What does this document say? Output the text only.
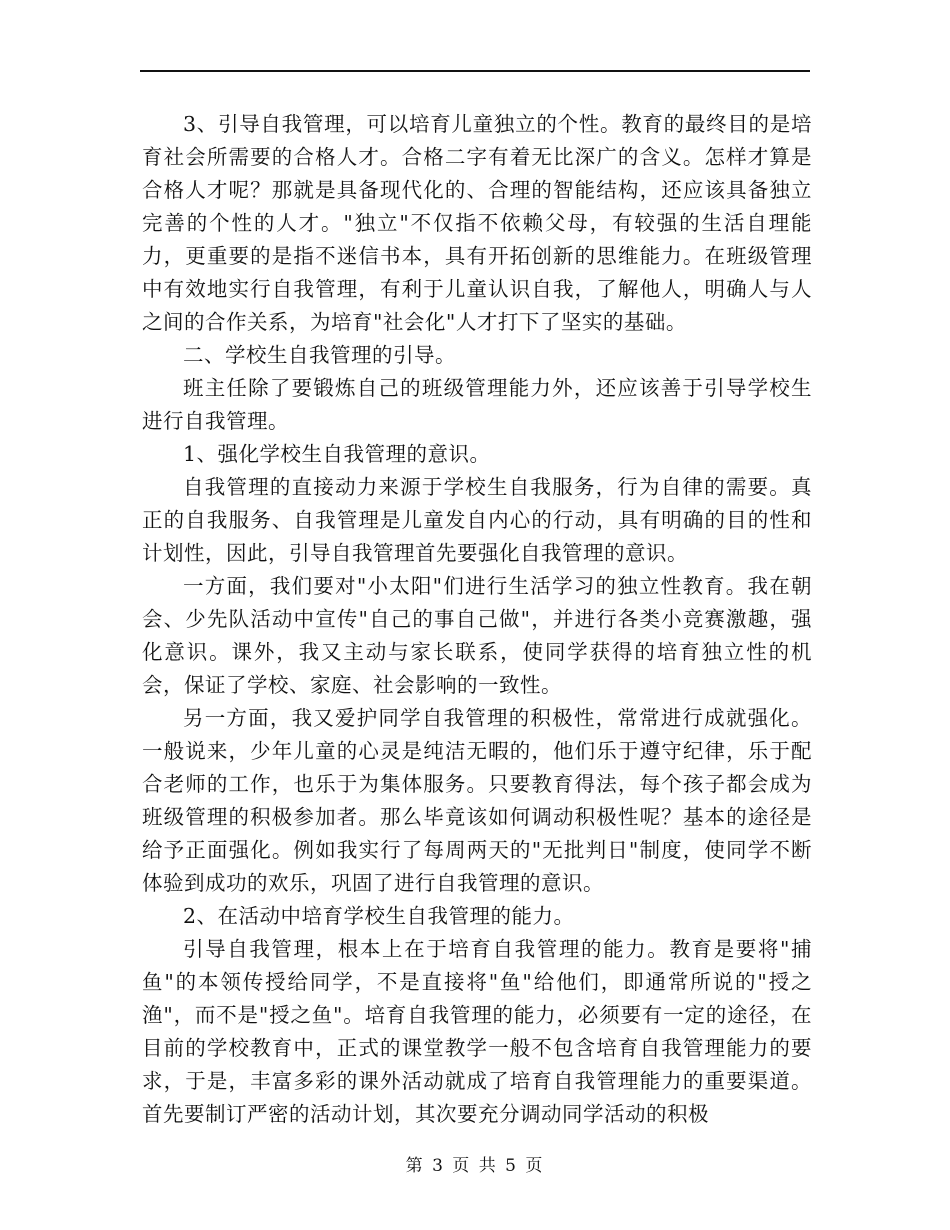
3、引导自我管理，可以培育儿童独立的个性。教育的最终目的是培育社会所需要的合格人才。合格二字有着无比深广的含义。怎样才算是合格人才呢？那就是具备现代化的、合理的智能结构，还应该具备独立完善的个性的人才。"独立"不仅指不依赖父母，有较强的生活自理能力，更重要的是指不迷信书本，具有开拓创新的思维能力。在班级管理中有效地实行自我管理，有利于儿童认识自我，了解他人，明确人与人之间的合作关系，为培育"社会化"人才打下了坚实的基础。

二、学校生自我管理的引导。

班主任除了要锻炼自己的班级管理能力外，还应该善于引导学校生进行自我管理。

1、强化学校生自我管理的意识。

自我管理的直接动力来源于学校生自我服务，行为自律的需要。真正的自我服务、自我管理是儿童发自内心的行动，具有明确的目的性和计划性，因此，引导自我管理首先要强化自我管理的意识。

一方面，我们要对"小太阳"们进行生活学习的独立性教育。我在朝会、少先队活动中宣传"自己的事自己做"，并进行各类小竞赛激趣，强化意识。课外，我又主动与家长联系，使同学获得的培育独立性的机会，保证了学校、家庭、社会影响的一致性。

另一方面，我又爱护同学自我管理的积极性，常常进行成就强化。一般说来，少年儿童的心灵是纯洁无暇的，他们乐于遵守纪律，乐于配合老师的工作，也乐于为集体服务。只要教育得法，每个孩子都会成为班级管理的积极参加者。那么毕竟该如何调动积极性呢？基本的途径是给予正面强化。例如我实行了每周两天的"无批判日"制度，使同学不断体验到成功的欢乐，巩固了进行自我管理的意识。

2、在活动中培育学校生自我管理的能力。

引导自我管理，根本上在于培育自我管理的能力。教育是要将"捕鱼"的本领传授给同学，不是直接将"鱼"给他们，即通常所说的"授之渔"，而不是"授之鱼"。培育自我管理的能力，必须要有一定的途径，在目前的学校教育中，正式的课堂教学一般不包含培育自我管理能力的要求，于是，丰富多彩的课外活动就成了培育自我管理能力的重要渠道。首先要制订严密的活动计划，其次要充分调动同学活动的积极

第 3 页 共 5 页
